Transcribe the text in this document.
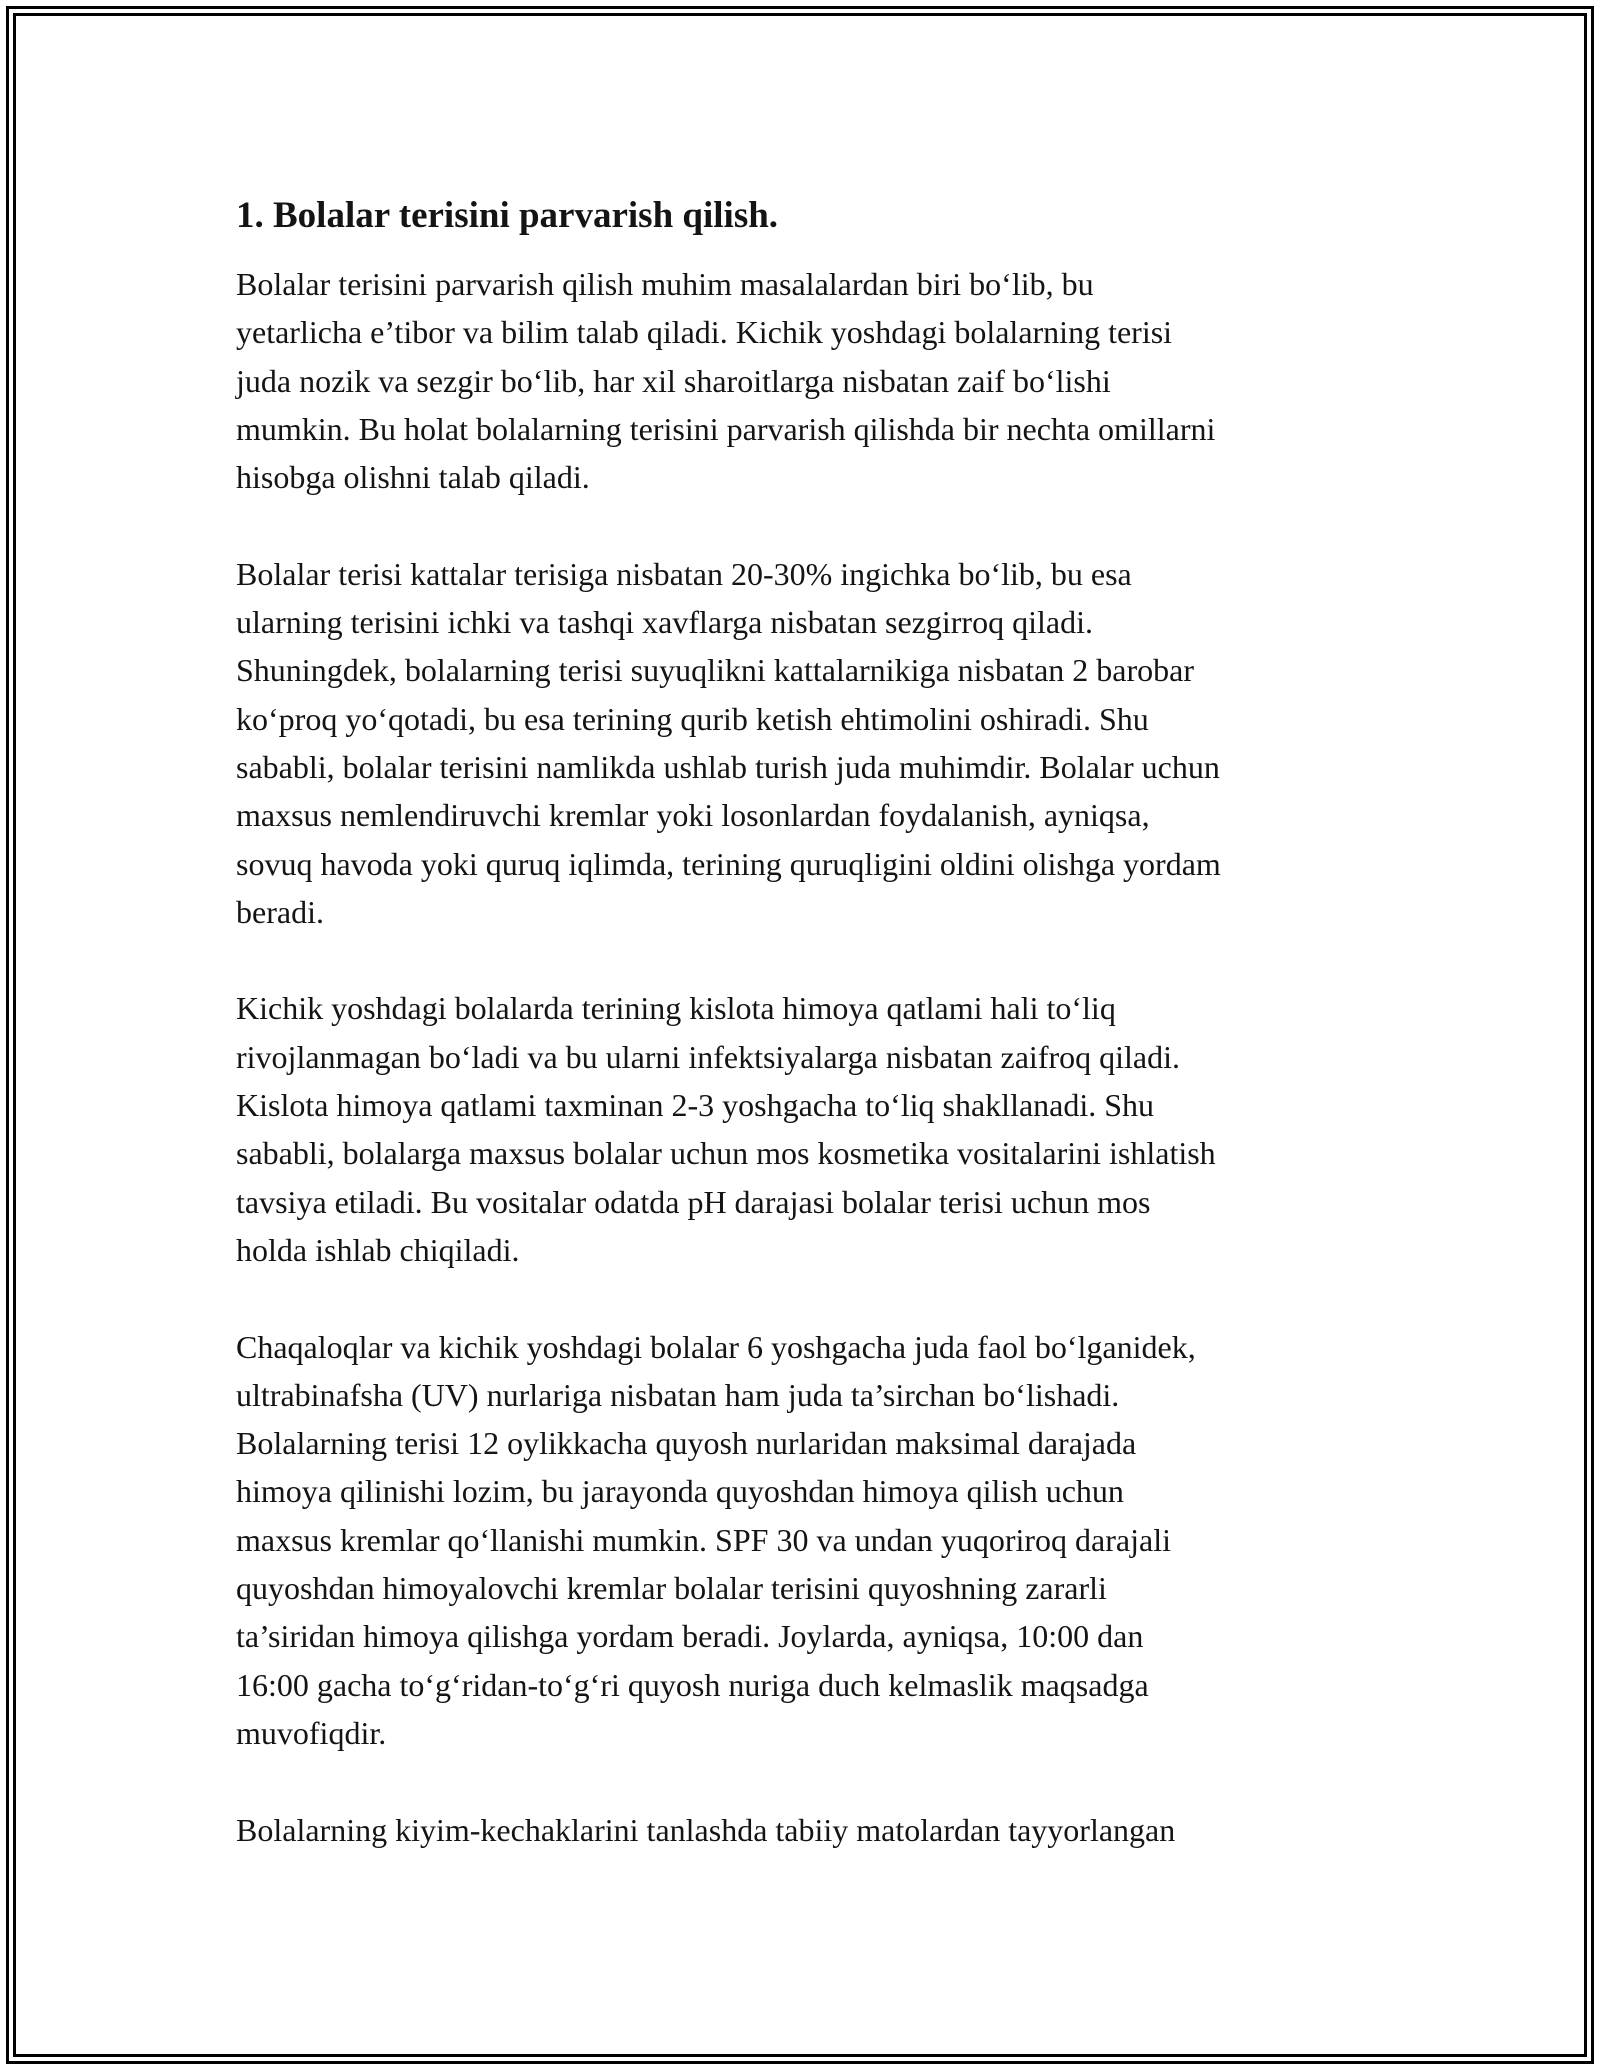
1. Bolalar terisini parvarish qilish.
Bolalar terisini parvarish qilish muhim masalalardan biri bo‘lib, bu
yetarlicha e’tibor va bilim talab qiladi. Kichik yoshdagi bolalarning terisi
juda nozik va sezgir bo‘lib, har xil sharoitlarga nisbatan zaif bo‘lishi
mumkin. Bu holat bolalarning terisini parvarish qilishda bir nechta omillarni
hisobga olishni talab qiladi.
Bolalar terisi kattalar terisiga nisbatan 20-30% ingichka bo‘lib, bu esa
ularning terisini ichki va tashqi xavflarga nisbatan sezgirroq qiladi.
Shuningdek, bolalarning terisi suyuqlikni kattalarnikiga nisbatan 2 barobar
ko‘proq yo‘qotadi, bu esa terining qurib ketish ehtimolini oshiradi. Shu
sababli, bolalar terisini namlikda ushlab turish juda muhimdir. Bolalar uchun
maxsus nemlendiruvchi kremlar yoki losonlardan foydalanish, ayniqsa,
sovuq havoda yoki quruq iqlimda, terining quruqligini oldini olishga yordam
beradi.
Kichik yoshdagi bolalarda terining kislota himoya qatlami hali to‘liq
rivojlanmagan bo‘ladi va bu ularni infektsiyalarga nisbatan zaifroq qiladi.
Kislota himoya qatlami taxminan 2-3 yoshgacha to‘liq shakllanadi. Shu
sababli, bolalarga maxsus bolalar uchun mos kosmetika vositalarini ishlatish
tavsiya etiladi. Bu vositalar odatda pH darajasi bolalar terisi uchun mos
holda ishlab chiqiladi.
Chaqaloqlar va kichik yoshdagi bolalar 6 yoshgacha juda faol bo‘lganidek,
ultrabinafsha (UV) nurlariga nisbatan ham juda ta’sirchan bo‘lishadi.
Bolalarning terisi 12 oylikkacha quyosh nurlaridan maksimal darajada
himoya qilinishi lozim, bu jarayonda quyoshdan himoya qilish uchun
maxsus kremlar qo‘llanishi mumkin. SPF 30 va undan yuqoriroq darajali
quyoshdan himoyalovchi kremlar bolalar terisini quyoshning zararli
ta’siridan himoya qilishga yordam beradi. Joylarda, ayniqsa, 10:00 dan
16:00 gacha to‘g‘ridan-to‘g‘ri quyosh nuriga duch kelmaslik maqsadga
muvofiqdir.
Bolalarning kiyim-kechaklarini tanlashda tabiiy matolardan tayyorlangan
